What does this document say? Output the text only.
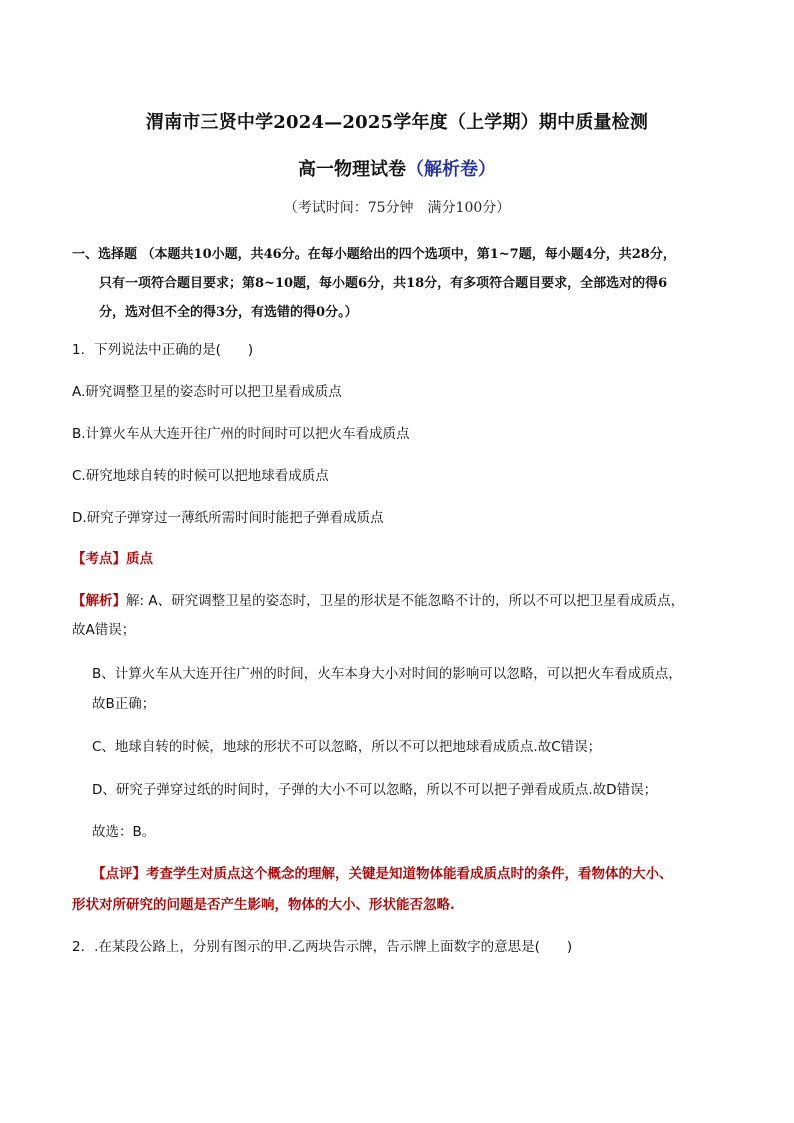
渭南市三贤中学2024—2025学年度（上学期）期中质量检测
高一物理试卷（解析卷）
（考试时间：75分钟　满分100分）
一、选择题 （本题共10小题，共46分。在每小题给出的四个选项中，第1~7题，每小题4分，共28分，
只有一项符合题目要求；第8~10题，每小题6分，共18分，有多项符合题目要求，全部选对的得6
分，选对但不全的得3分，有选错的得0分。）
1．下列说法中正确的是(　　)
A.研究调整卫星的姿态时可以把卫星看成质点
B.计算火车从大连开往广州的时间时可以把火车看成质点
C.研究地球自转的时候可以把地球看成质点
D.研究子弹穿过一薄纸所需时间时能把子弹看成质点
【考点】质点
【解析】解: A、研究调整卫星的姿态时，卫星的形状是不能忽略不计的，所以不可以把卫星看成质点，
故A错误；
B、计算火车从大连开往广州的时间，火车本身大小对时间的影响可以忽略，可以把火车看成质点，
故B正确；
C、地球自转的时候，地球的形状不可以忽略，所以不可以把地球看成质点.故C错误；
D、研究子弹穿过纸的时间时，子弹的大小不可以忽略，所以不可以把子弹看成质点.故D错误；
故选：B。
【点评】考查学生对质点这个概念的理解，关键是知道物体能看成质点时的条件，看物体的大小、
形状对所研究的问题是否产生影响，物体的大小、形状能否忽略.
2．.在某段公路上，分别有图示的甲.乙两块告示牌，告示牌上面数字的意思是(　　)
